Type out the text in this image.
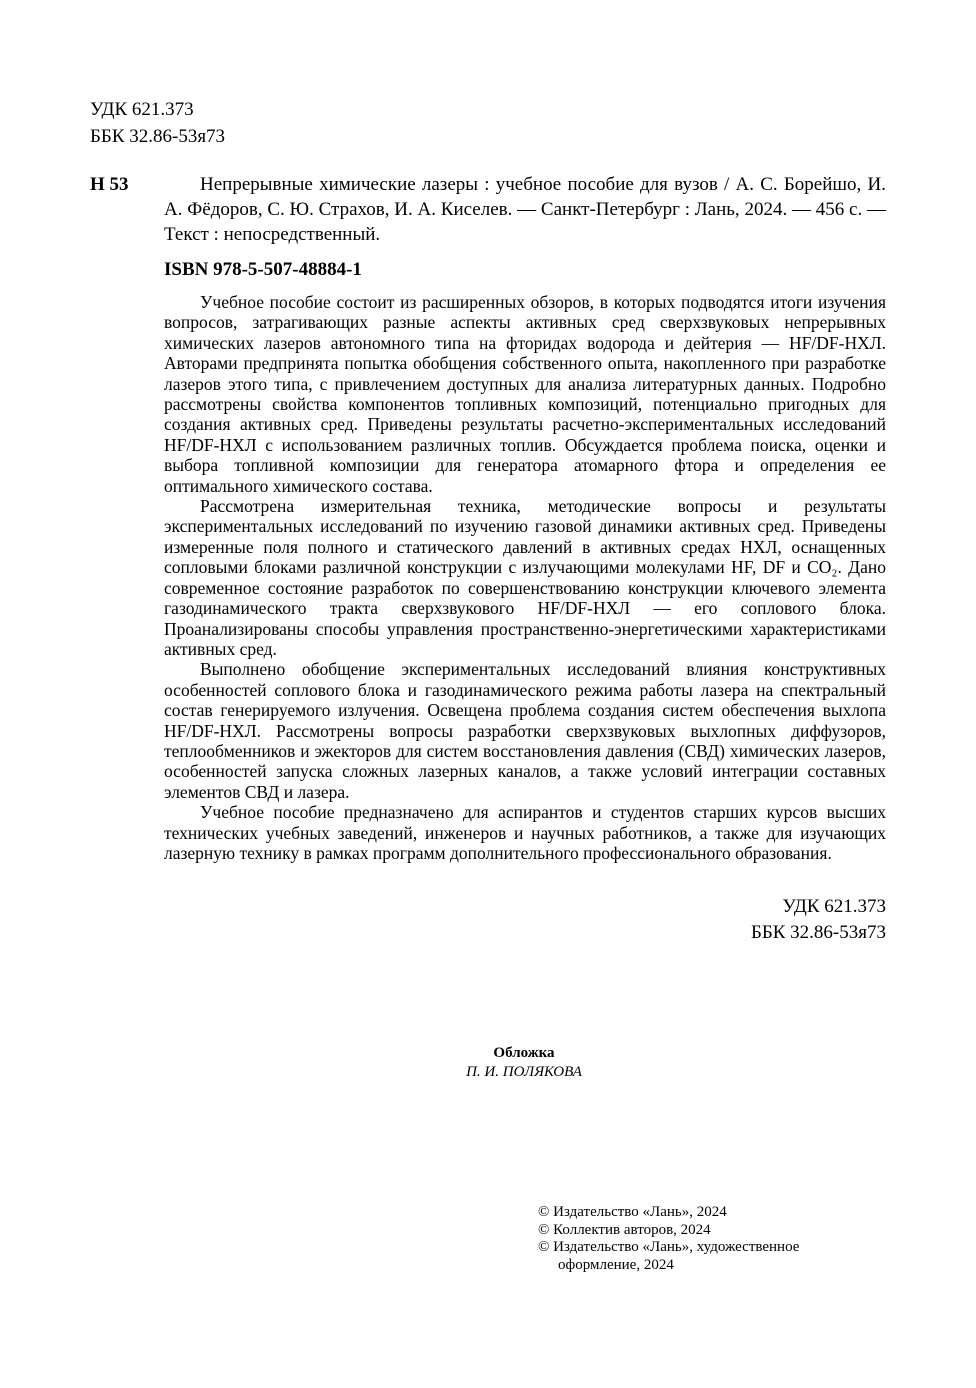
УДК 621.373
ББК 32.86-53я73
Н 53	Непрерывные химические лазеры : учебное пособие для вузов / А. С. Борейшо, И. А. Фёдоров, С. Ю. Страхов, И. А. Киселев. — Санкт-Петербург : Лань, 2024. — 456 с. — Текст : непосредственный.
ISBN 978-5-507-48884-1

Учебное пособие состоит из расширенных обзоров, в которых подводятся итоги изучения вопросов, затрагивающих разные аспекты активных сред сверхзвуковых непрерывных химических лазеров автономного типа на фторидах водорода и дейтерия — HF/DF-НХЛ. Авторами предпринята попытка обобщения собственного опыта, накопленного при разработке лазеров этого типа, с привлечением доступных для анализа литературных данных. Подробно рассмотрены свойства компонентов топливных композиций, потенциально пригодных для создания активных сред. Приведены результаты расчетно-экспериментальных исследований HF/DF-НХЛ с использованием различных топлив. Обсуждается проблема поиска, оценки и выбора топливной композиции для генератора атомарного фтора и определения ее оптимального химического состава.

Рассмотрена измерительная техника, методические вопросы и результаты экспериментальных исследований по изучению газовой динамики активных сред. Приведены измеренные поля полного и статического давлений в активных средах НХЛ, оснащенных сопловыми блоками различной конструкции с излучающими молекулами HF, DF и CO₂. Дано современное состояние разработок по совершенствованию конструкции ключевого элемента газодинамического тракта сверхзвукового HF/DF-НХЛ — его соплового блока. Проанализированы способы управления пространственно-энергетическими характеристиками активных сред.

Выполнено обобщение экспериментальных исследований влияния конструктивных особенностей соплового блока и газодинамического режима работы лазера на спектральный состав генерируемого излучения. Освещена проблема создания систем обеспечения выхлопа HF/DF-НХЛ. Рассмотрены вопросы разработки сверхзвуковых выхлопных диффузоров, теплообменников и эжекторов для систем восстановления давления (СВД) химических лазеров, особенностей запуска сложных лазерных каналов, а также условий интеграции составных элементов СВД и лазера.

Учебное пособие предназначено для аспирантов и студентов старших курсов высших технических учебных заведений, инженеров и научных работников, а также для изучающих лазерную технику в рамках программ дополнительного профессионального образования.

УДК 621.373
ББК 32.86-53я73
Обложка
П. И. ПОЛЯКОВА
© Издательство «Лань», 2024
© Коллектив авторов, 2024
© Издательство «Лань», художественное
оформление, 2024
